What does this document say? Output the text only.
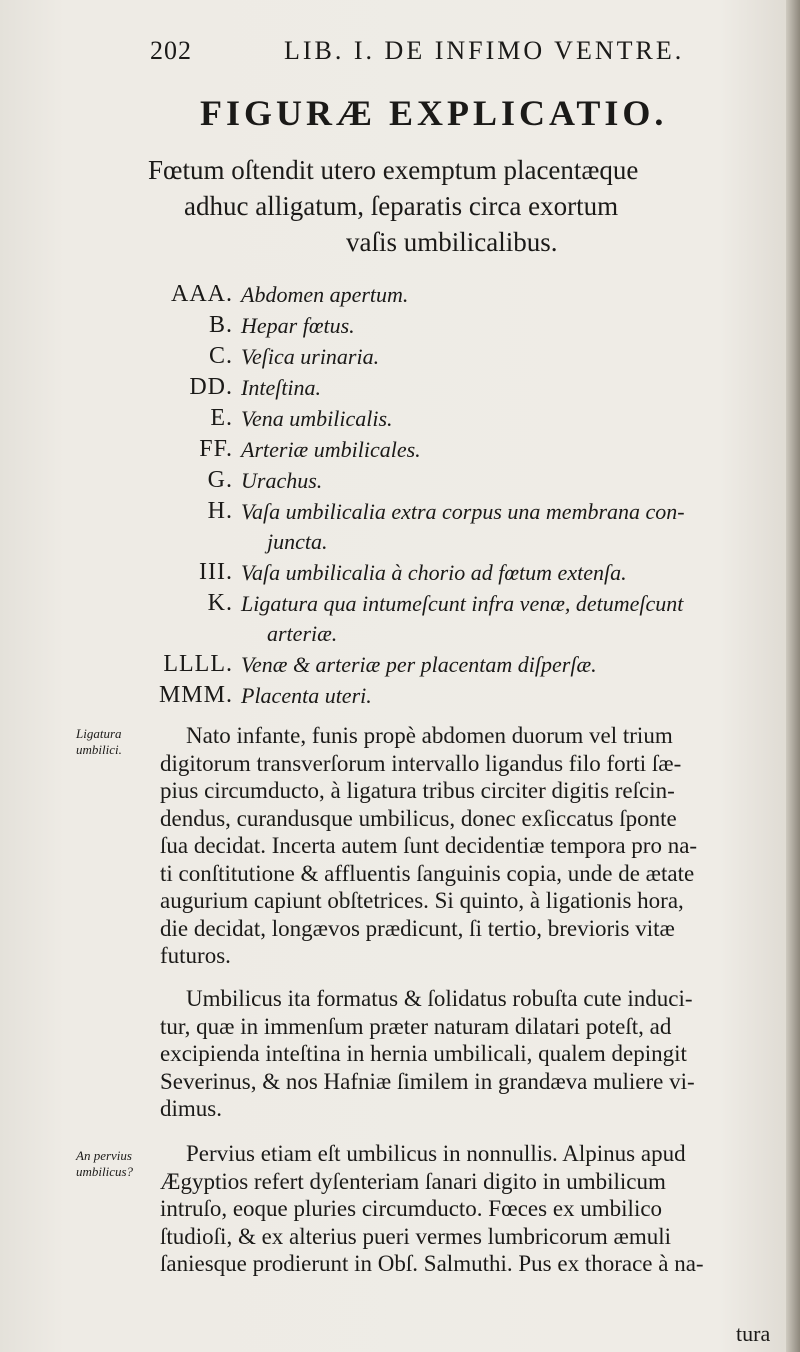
202	LIB. I. DE INFIMO VENTRE.
FIGURÆ EXPLICATIO.
Fœtum oſtendit utero exemptum placentæque
adhuc alligatum, ſeparatis circa exortum
vaſis umbilicalibus.
AAA. Abdomen apertum.
B. Hepar fœtus.
C. Veſica urinaria.
DD. Inteſtina.
E. Vena umbilicalis.
FF. Arteriæ umbilicales.
G. Urachus.
H. Vaſa umbilicalia extra corpus una membrana con-
juncta.
III. Vaſa umbilicalia à chorio ad fœtum extenſa.
K. Ligatura qua intumeſcunt infra venæ, detumeſcunt
arteriæ.
LLLL. Venæ & arteriæ per placentam diſperſæ.
MMM. Placenta uteri.
Ligatura umbilici.
An pervius umbilicus?
Nato infante, funis propè abdomen duorum vel trium
digitorum transverſorum intervallo ligandus filo forti ſæ-
pius circumducto, à ligatura tribus circiter digitis reſcin-
dendus, curandusque umbilicus, donec exſiccatus ſponte
ſua decidat. Incerta autem ſunt decidentiæ tempora pro na-
ti conſtitutione & affluentis ſanguinis copia, unde de ætate
augurium capiunt obſtetrices. Si quinto, à ligationis hora,
die decidat, longævos prædicunt, ſi tertio, brevioris vitæ
futuros.
Umbilicus ita formatus & ſolidatus robuſta cute induci-
tur, quæ in immenſum præter naturam dilatari poteſt, ad
excipienda inteſtina in hernia umbilicali, qualem depingit
Severinus, & nos Hafniæ ſimilem in grandæva muliere vi-
dimus.
Pervius etiam eſt umbilicus in nonnullis. Alpinus apud
Ægyptios refert dyſenteriam ſanari digito in umbilicum
intruſo, eoque pluries circumducto. Fœces ex umbilico
ſtudioſi, & ex alterius pueri vermes lumbricorum æmuli
ſaniesque prodierunt in Obſ. Salmuthi. Pus ex thorace à na-
tura
